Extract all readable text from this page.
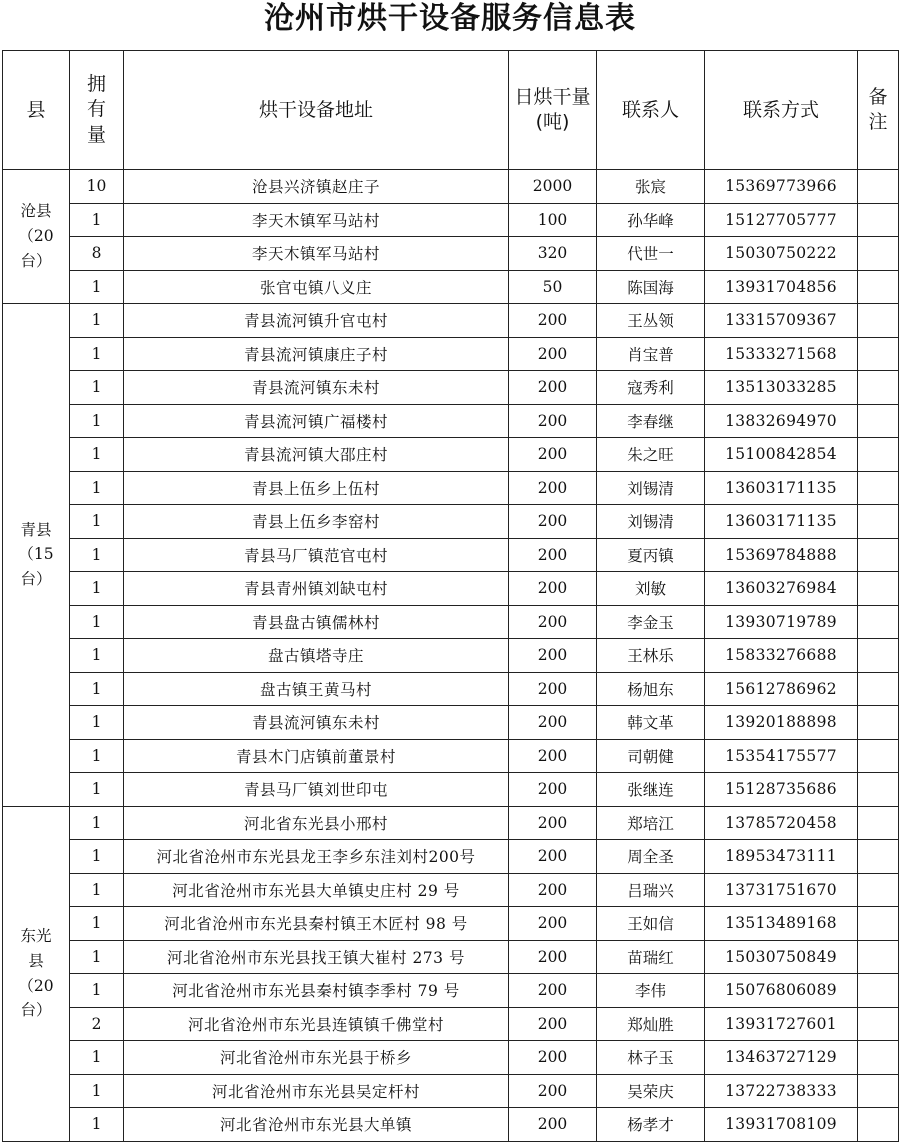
沧州市烘干设备服务信息表
县	拥有量	烘干设备地址	日烘干量(吨)	联系人	联系方式	备注

沧县（20台）	10	沧县兴济镇赵庄子	2000	张宸	15369773966	
	1	李天木镇军马站村	100	孙华峰	15127705777	
	8	李天木镇军马站村	320	代世一	15030750222	
	1	张官屯镇八义庄	50	陈国海	13931704856	

青县（15台）	1	青县流河镇升官屯村	200	王丛领	13315709367	
	1	青县流河镇康庄子村	200	肖宝普	15333271568	
	1	青县流河镇东未村	200	寇秀利	13513033285	
	1	青县流河镇广福楼村	200	李春继	13832694970	
	1	青县流河镇大邵庄村	200	朱之旺	15100842854	
	1	青县上伍乡上伍村	200	刘锡清	13603171135	
	1	青县上伍乡李窑村	200	刘锡清	13603171135	
	1	青县马厂镇范官屯村	200	夏丙镇	15369784888	
	1	青县青州镇刘缺屯村	200	刘敏	13603276984	
	1	青县盘古镇儒林村	200	李金玉	13930719789	
	1	盘古镇塔寺庄	200	王林乐	15833276688	
	1	盘古镇王黄马村	200	杨旭东	15612786962	
	1	青县流河镇东未村	200	韩文革	13920188898	
	1	青县木门店镇前董景村	200	司朝健	15354175577	
	1	青县马厂镇刘世印屯	200	张继连	15128735686	

东光县（20台）	1	河北省东光县小邢村	200	郑培江	13785720458	
	1	河北省沧州市东光县龙王李乡东洼刘村200号	200	周全圣	18953473111	
	1	河北省沧州市东光县大单镇史庄村 29 号	200	吕瑞兴	13731751670	
	1	河北省沧州市东光县秦村镇王木匠村 98 号	200	王如信	13513489168	
	1	河北省沧州市东光县找王镇大崔村 273 号	200	苗瑞红	15030750849	
	1	河北省沧州市东光县秦村镇李季村 79 号	200	李伟	15076806089	
	2	河北省沧州市东光县连镇镇千佛堂村	200	郑灿胜	13931727601	
	1	河北省沧州市东光县于桥乡	200	林子玉	13463727129	
	1	河北省沧州市东光县吴定杆村	200	吴荣庆	13722738333	
	1	河北省沧州市东光县大单镇	200	杨孝才	13931708109	
